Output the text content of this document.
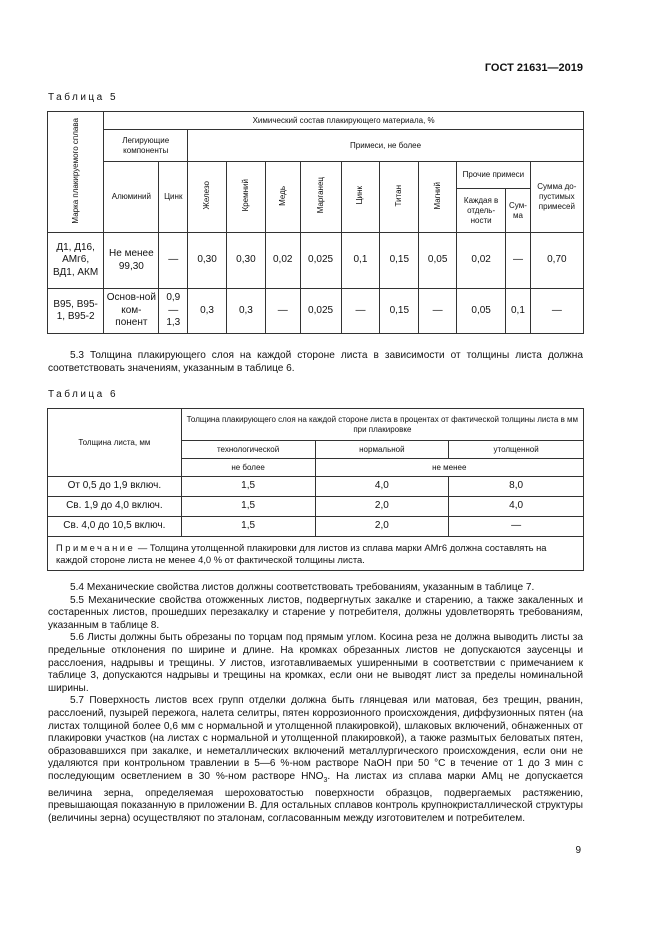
ГОСТ 21631—2019
Таблица 5
Марка плакируемого сплава	Химический состав плакирующего материала, %											
	Легирующие компоненты		Примеси, не более									
	Алюминий	Цинк	Железо	Кремний	Медь	Марганец	Цинк	Титан	Магний	Прочие примеси		Сумма до-пустимых примесей
										Каждая в отдель-ности	Сум-ма	
Д1, Д16, АМг6, ВД1, АКМ	Не менее 99,30	—	0,30	0,30	0,02	0,025	0,1	0,15	0,05	0,02	—	0,70
В95, В95-1, В95-2	Основ-ной ком-понент	0,9—1,3	0,3	0,3	—	0,025	—	0,15	—	0,05	0,1	—

5.3 Толщина плакирующего слоя на каждой стороне листа в зависимости от толщины листа должна соответствовать значениям, указанным в таблице 6.

Таблица 6
Толщина листа, мм	Толщина плакирующего слоя на каждой стороне листа в процентах от фактической толщины листа в мм при плакировке		
	технологической	нормальной	утолщенной
	не более	не менее	
От 0,5 до 1,9 включ.	1,5	4,0	8,0
Св. 1,9 до 4,0 включ.	1,5	2,0	4,0
Св. 4,0 до 10,5 включ.	1,5	2,0	—
Примечание — Толщина утолщенной плакировки для листов из сплава марки АМг6 должна составлять на каждой стороне листа не менее 4,0 % от фактической толщины листа.			

5.4 Механические свойства листов должны соответствовать требованиям, указанным в таблице 7.

5.5 Механические свойства отожженных листов, подвергнутых закалке и старению, а также закаленных и состаренных листов, прошедших перезакалку и старение у потребителя, должны удовлетворять требованиям, указанным в таблице 8.

5.6 Листы должны быть обрезаны по торцам под прямым углом. Косина реза не должна выводить листы за предельные отклонения по ширине и длине. На кромках обрезанных листов не допускаются заусенцы и расслоения, надрывы и трещины. У листов, изготавливаемых уширенными в соответствии с примечанием к таблице 3, допускаются надрывы и трещины на кромках, если они не выводят лист за пределы номинальной ширины.

5.7 Поверхность листов всех групп отделки должна быть глянцевая или матовая, без трещин, рванин, расслоений, пузырей пережога, налета селитры, пятен коррозионного происхождения, диффузионных пятен (на листах толщиной более 0,6 мм с нормальной и утолщенной плакировкой), шлаковых включений, обнаженных от плакировки участков (на листах с нормальной и утолщенной плакировкой), а также размытых беловатых пятен, образовавшихся при закалке, и неметаллических включений металлургического происхождения, если они не удаляются при контрольном травлении в 5—6 %-ном растворе NaOH при 50 °С в течение от 1 до 3 мин с последующим осветлением в 30 %-ном растворе $HNO_3$. На листах из сплава марки АМц не допускается величина зерна, определяемая шероховатостью поверхности образцов, подвергаемых растяжению, превышающая показанную в приложении В. Для остальных сплавов контроль крупнокристаллической структуры (величины зерна) осуществляют по эталонам, согласованным между изготовителем и потребителем.

9
